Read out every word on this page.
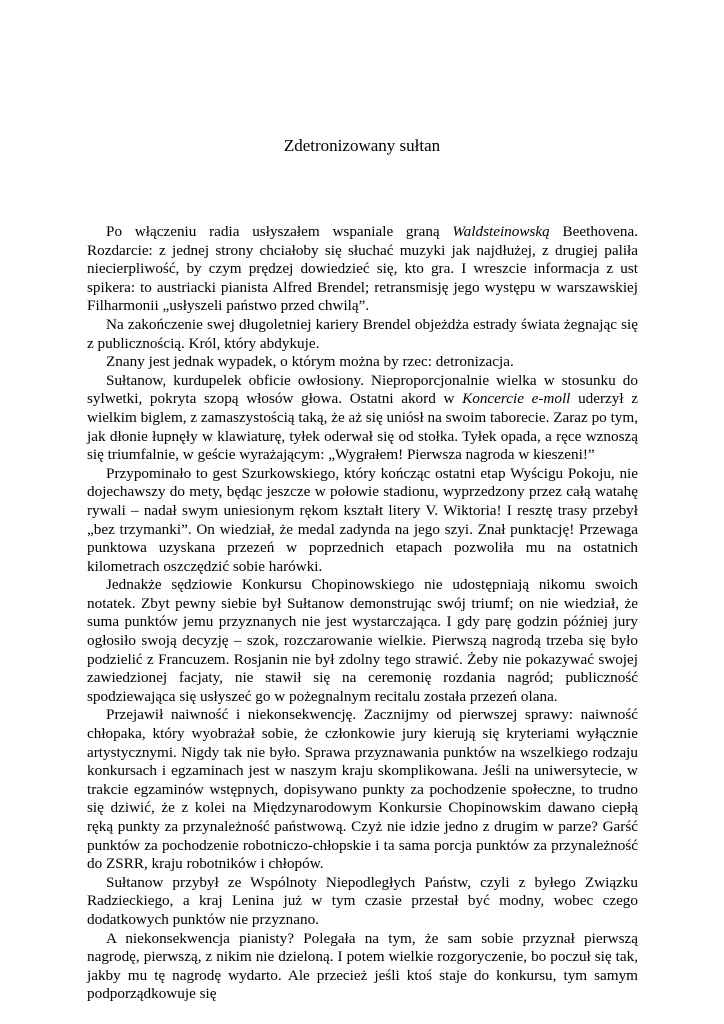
Zdetronizowany sułtan

Po włączeniu radia usłyszałem wspaniale graną Waldsteinowską Beethovena. Rozdarcie: z jednej strony chciałoby się słuchać muzyki jak najdłużej, z drugiej paliła niecierpliwość, by czym prędzej dowiedzieć się, kto gra. I wreszcie informacja z ust spikera: to austriacki pianista Alfred Brendel; retransmisję jego występu w warszawskiej Filharmonii „usłyszeli państwo przed chwilą”.

Na zakończenie swej długoletniej kariery Brendel objeżdża estrady świata żegnając się z publicznością. Król, który abdykuje.

Znany jest jednak wypadek, o którym można by rzec: detronizacja.

Sułtanow, kurdupelek obficie owłosiony. Nieproporcjonalnie wielka w stosunku do sylwetki, pokryta szopą włosów głowa. Ostatni akord w Koncercie e-moll uderzył z wielkim biglem, z zamaszystością taką, że aż się uniósł na swoim taborecie. Zaraz po tym, jak dłonie łupnęły w klawiaturę, tyłek oderwał się od stołka. Tyłek opada, a ręce wznoszą się triumfalnie, w geście wyrażającym: „Wygrałem! Pierwsza nagroda w kieszeni!”

Przypominało to gest Szurkowskiego, który kończąc ostatni etap Wyścigu Pokoju, nie dojechawszy do mety, będąc jeszcze w połowie stadionu, wyprzedzony przez całą watahę rywali – nadał swym uniesionym rękom kształt litery V. Wiktoria! I resztę trasy przebył „bez trzymanki”. On wiedział, że medal zadynda na jego szyi. Znał punktację! Przewaga punktowa uzyskana przezeń w poprzednich etapach pozwoliła mu na ostatnich kilometrach oszczędzić sobie harówki.

Jednakże sędziowie Konkursu Chopinowskiego nie udostępniają nikomu swoich notatek. Zbyt pewny siebie był Sułtanow demonstrując swój triumf; on nie wiedział, że suma punktów jemu przyznanych nie jest wystarczająca. I gdy parę godzin później jury ogłosiło swoją decyzję – szok, rozczarowanie wielkie. Pierwszą nagrodą trzeba się było podzielić z Francuzem. Rosjanin nie był zdolny tego strawić. Żeby nie pokazywać swojej zawiedzionej facjaty, nie stawił się na ceremonię rozdania nagród; publiczność spodziewająca się usłyszeć go w pożegnalnym recitalu została przezeń olana.

Przejawił naiwność i niekonsekwencję. Zacznijmy od pierwszej sprawy: naiwność chłopaka, który wyobrażał sobie, że członkowie jury kierują się kryteriami wyłącznie artystycznymi. Nigdy tak nie było. Sprawa przyznawania punktów na wszelkiego rodzaju konkursach i egzaminach jest w naszym kraju skomplikowana. Jeśli na uniwersytecie, w trakcie egzaminów wstępnych, dopisywano punkty za pochodzenie społeczne, to trudno się dziwić, że z kolei na Międzynarodowym Konkursie Chopinowskim dawano ciepłą ręką punkty za przynależność państwową. Czyż nie idzie jedno z drugim w parze? Garść punktów za pochodzenie robotniczo-chłopskie i ta sama porcja punktów za przynależność do ZSRR, kraju robotników i chłopów.

Sułtanow przybył ze Wspólnoty Niepodległych Państw, czyli z byłego Związku Radzieckiego, a kraj Lenina już w tym czasie przestał być modny, wobec czego dodatkowych punktów nie przyznano.

A niekonsekwencja pianisty? Polegała na tym, że sam sobie przyznał pierwszą nagrodę, pierwszą, z nikim nie dzieloną. I potem wielkie rozgoryczenie, bo poczuł się tak, jakby mu tę nagrodę wydarto. Ale przecież jeśli ktoś staje do konkursu, tym samym podporządkowuje się
